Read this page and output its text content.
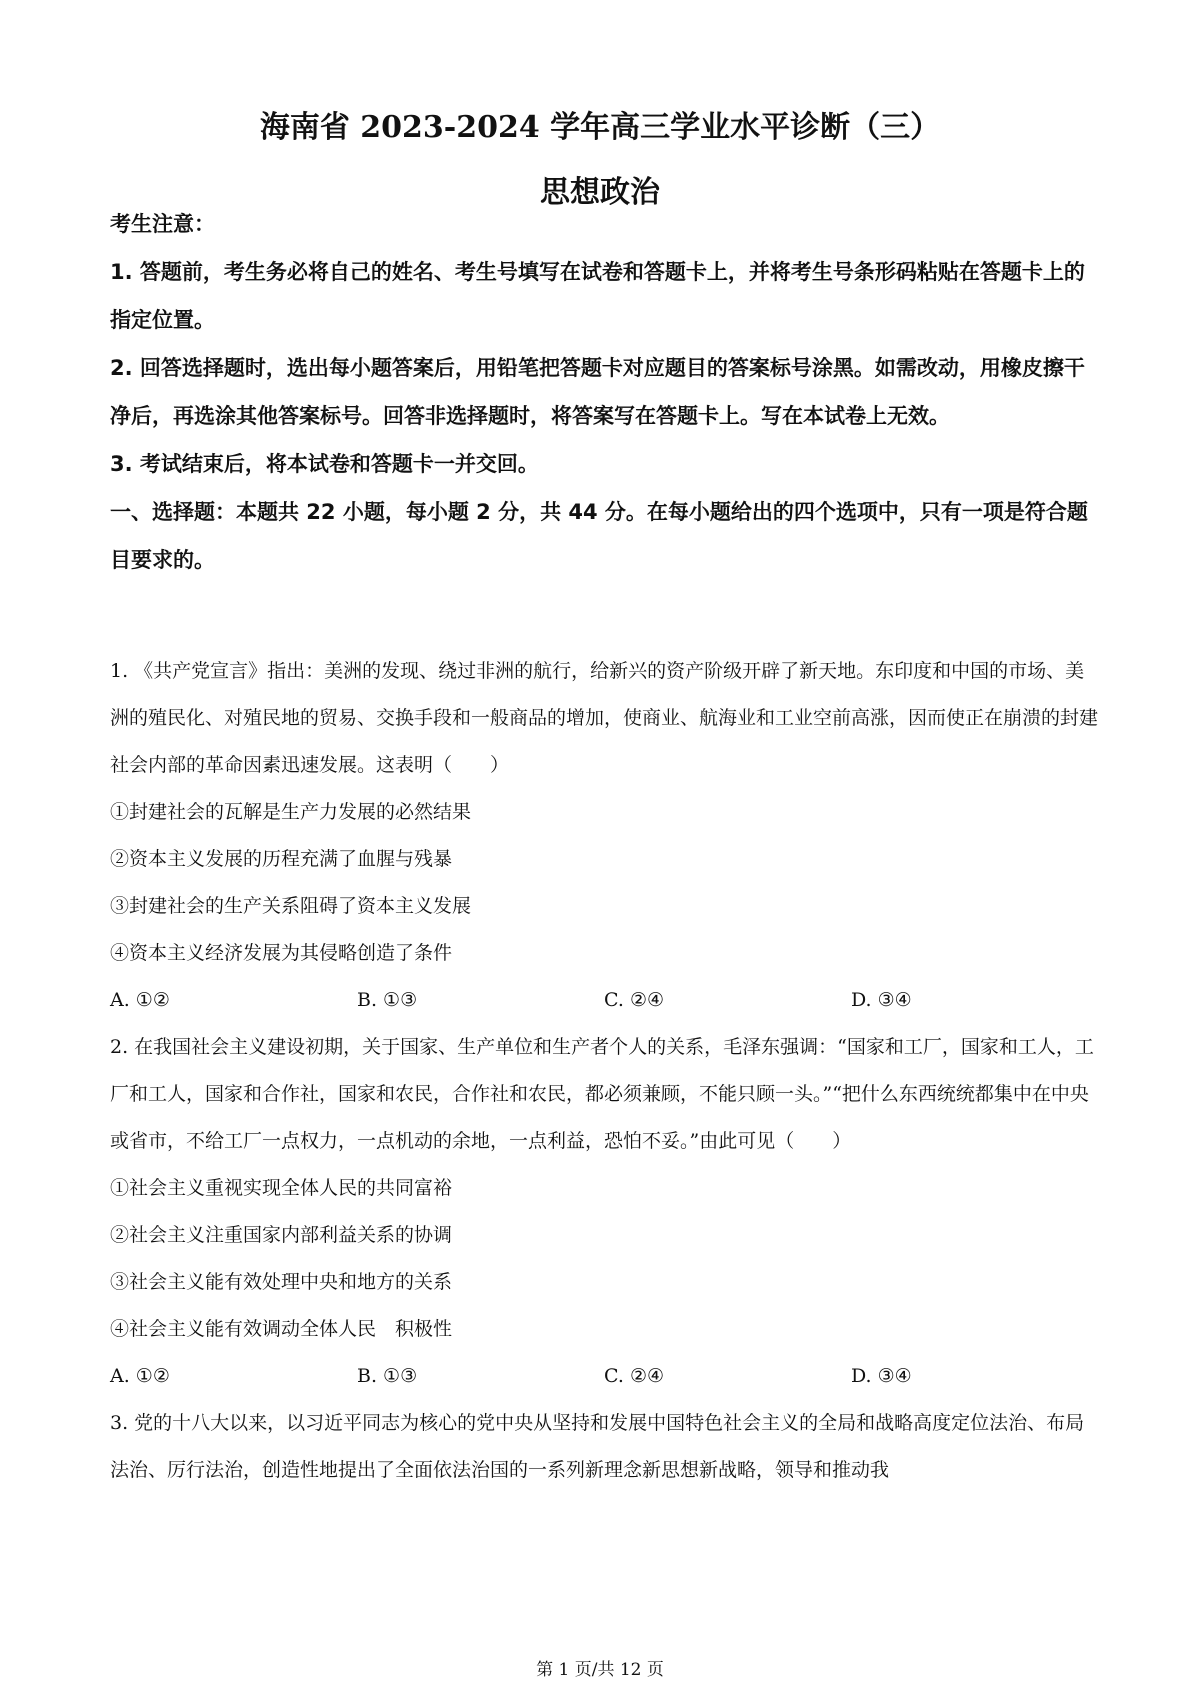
海南省 2023-2024 学年高三学业水平诊断（三）
思想政治

考生注意：

1. 答题前，考生务必将自己的姓名、考生号填写在试卷和答题卡上，并将考生号条形码粘贴在答题卡上的指定位置。

2. 回答选择题时，选出每小题答案后，用铅笔把答题卡对应题目的答案标号涂黑。如需改动，用橡皮擦干净后，再选涂其他答案标号。回答非选择题时，将答案写在答题卡上。写在本试卷上无效。

3. 考试结束后，将本试卷和答题卡一并交回。

一、选择题：本题共 22 小题，每小题 2 分，共 44 分。在每小题给出的四个选项中，只有一项是符合题目要求的。

1. 《共产党宣言》指出：美洲的发现、绕过非洲的航行，给新兴的资产阶级开辟了新天地。东印度和中国的市场、美洲的殖民化、对殖民地的贸易、交换手段和一般商品的增加，使商业、航海业和工业空前高涨，因而使正在崩溃的封建社会内部的革命因素迅速发展。这表明（　　）

①封建社会的瓦解是生产力发展的必然结果

②资本主义发展的历程充满了血腥与残暴

③封建社会的生产关系阻碍了资本主义发展

④资本主义经济发展为其侵略创造了条件

A. ①②	B. ①③	C. ②④	D. ③④

2. 在我国社会主义建设初期，关于国家、生产单位和生产者个人的关系，毛泽东强调：“国家和工厂，国家和工人，工厂和工人，国家和合作社，国家和农民，合作社和农民，都必须兼顾，不能只顾一头。”“把什么东西统统都集中在中央或省市，不给工厂一点权力，一点机动的余地，一点利益，恐怕不妥。”由此可见（　　）

①社会主义重视实现全体人民的共同富裕

②社会主义注重国家内部利益关系的协调

③社会主义能有效处理中央和地方的关系

④社会主义能有效调动全体人民　积极性

A. ①②	B. ①③	C. ②④	D. ③④

3. 党的十八大以来，以习近平同志为核心的党中央从坚持和发展中国特色社会主义的全局和战略高度定位法治、布局法治、厉行法治，创造性地提出了全面依法治国的一系列新理念新思想新战略，领导和推动我

第 1 页/共 12 页
